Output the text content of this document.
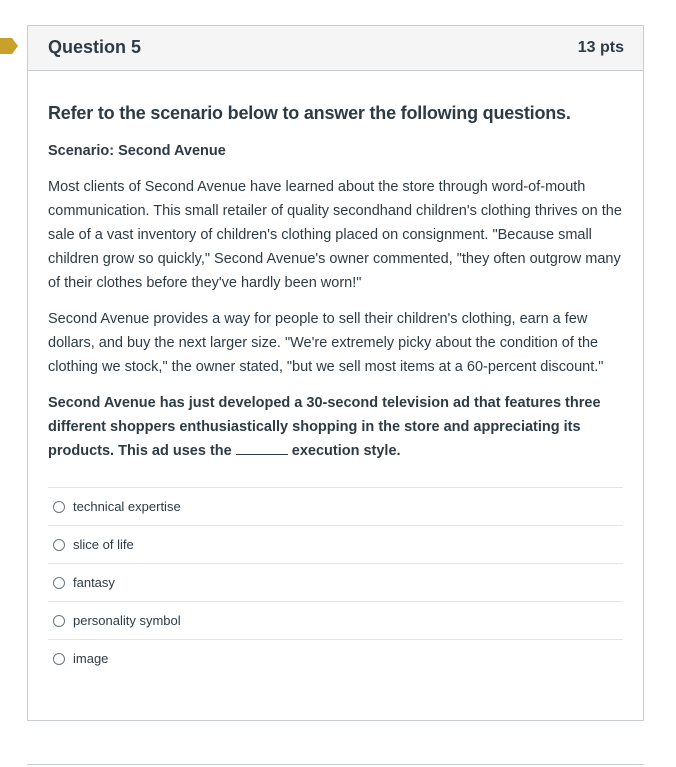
Question 5	13 pts

Refer to the scenario below to answer the following questions.

Scenario: Second Avenue

Most clients of Second Avenue have learned about the store through word-of-mouth communication. This small retailer of quality secondhand children's clothing thrives on the sale of a vast inventory of children's clothing placed on consignment. "Because small children grow so quickly," Second Avenue's owner commented, "they often outgrow many of their clothes before they've hardly been worn!"

Second Avenue provides a way for people to sell their children's clothing, earn a few dollars, and buy the next larger size. "We're extremely picky about the condition of the clothing we stock," the owner stated, "but we sell most items at a 60-percent discount."

Second Avenue has just developed a 30-second television ad that features three different shoppers enthusiastically shopping in the store and appreciating its products. This ad uses the	execution style.

technical expertise
slice of life
fantasy
personality symbol
image
